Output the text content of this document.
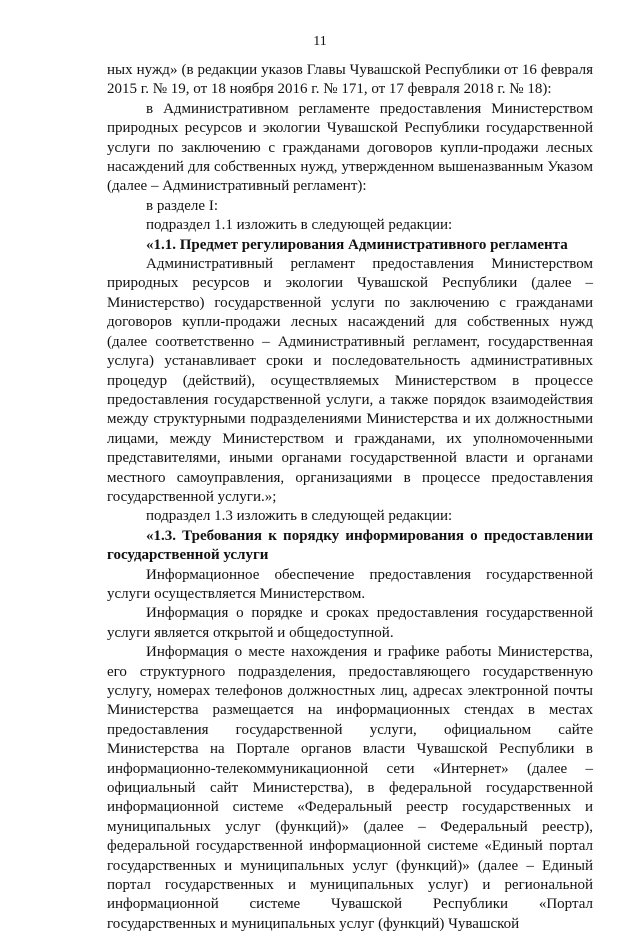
11

ных нужд» (в редакции указов Главы Чувашской Республики от 16 февраля 2015 г. № 19, от 18 ноября 2016 г. № 171, от 17 февраля 2018 г. № 18):

в Административном регламенте предоставления Министерством природных ресурсов и экологии Чувашской Республики государственной услуги по заключению с гражданами договоров купли-продажи лесных насаждений для собственных нужд, утвержденном вышеназванным Указом (далее – Административный регламент):

в разделе I:

подраздел 1.1 изложить в следующей редакции:

«1.1. Предмет регулирования Административного регламента

Административный регламент предоставления Министерством природных ресурсов и экологии Чувашской Республики (далее – Министерство) государственной услуги по заключению с гражданами договоров купли-продажи лесных насаждений для собственных нужд (далее соответственно – Административный регламент, государственная услуга) устанавливает сроки и последовательность административных процедур (действий), осуществляемых Министерством в процессе предоставления государственной услуги, а также порядок взаимодействия между структурными подразделениями Министерства и их должностными лицами, между Министерством и гражданами, их уполномоченными представителями, иными органами государственной власти и органами местного самоуправления, организациями в процессе предоставления государственной услуги.»;

подраздел 1.3 изложить в следующей редакции:

«1.3. Требования к порядку информирования о предоставлении государственной услуги

Информационное обеспечение предоставления государственной услуги осуществляется Министерством.

Информация о порядке и сроках предоставления государственной услуги является открытой и общедоступной.

Информация о месте нахождения и графике работы Министерства, его структурного подразделения, предоставляющего государственную услугу, номерах телефонов должностных лиц, адресах электронной почты Министерства размещается на информационных стендах в местах предоставления государственной услуги, официальном сайте Министерства на Портале органов власти Чувашской Республики в информационно-телекоммуникационной сети «Интернет» (далее – официальный сайт Министерства), в федеральной государственной информационной системе «Федеральный реестр государственных и муниципальных услуг (функций)» (далее – Федеральный реестр), федеральной государственной информационной системе «Единый портал государственных и муниципальных услуг (функций)» (далее – Единый портал государственных и муниципальных услуг) и региональной информационной системе Чувашской Республики «Портал государственных и муниципальных услуг (функций) Чувашской
